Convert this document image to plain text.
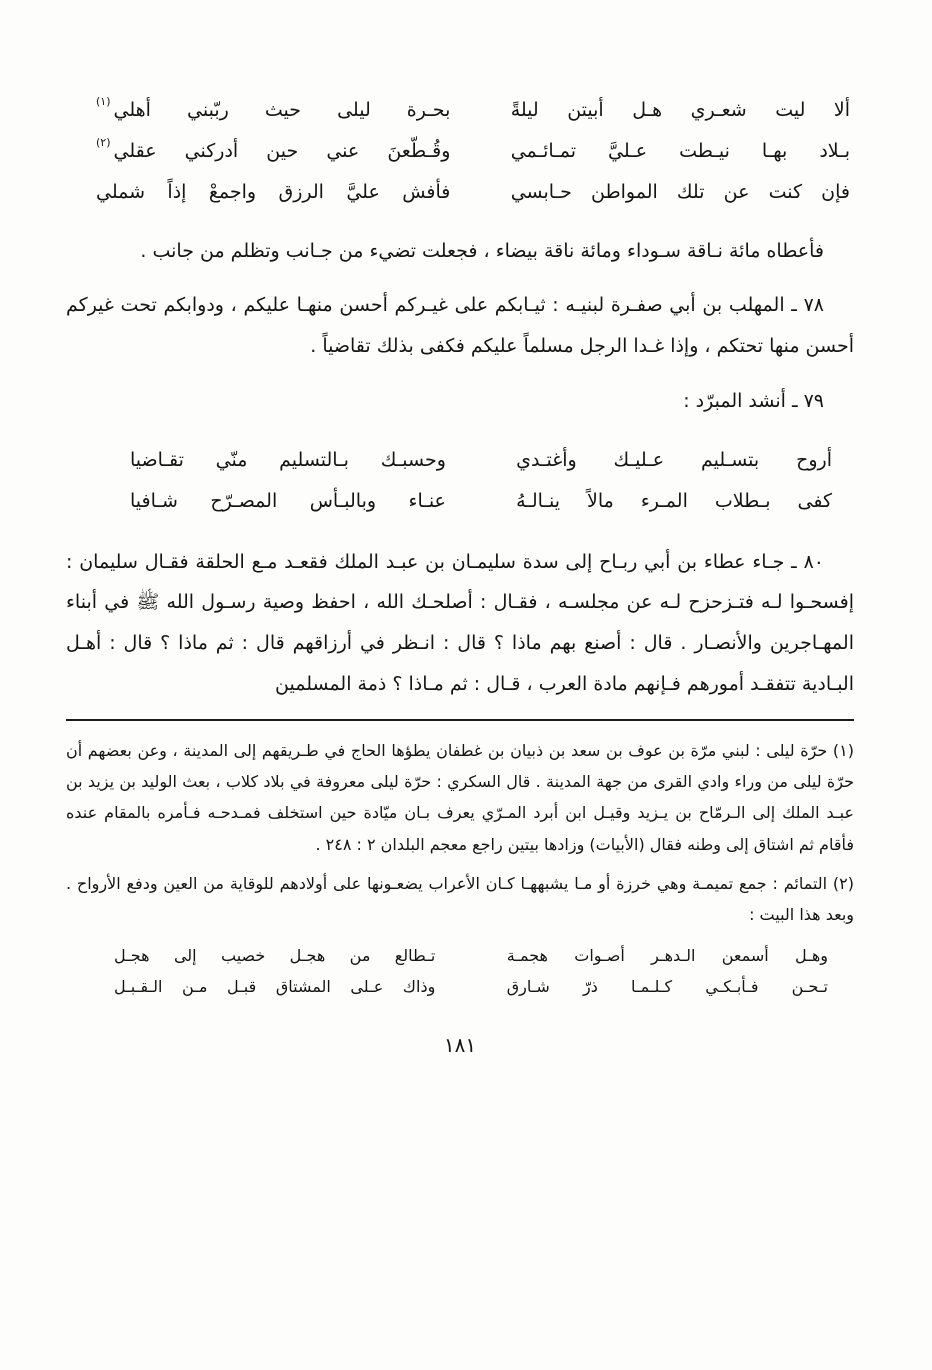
ألا ليت شعـري هـل أبيتن ليلةً
بحـرة ليلى حيث ربّبني أهلي
$^{(١)}$
بـلاد بهـا نيـطت عـليَّ تمـائـمي
وقُـطّعنَ عني حين أدركني عقلي
$^{(٢)}$
فإن كنت عن تلك المواطن حـابسي
فأفش عليَّ الرزق واجمعْ إذاً شملي

فأعطاه مائة نـاقة سـوداء ومائة ناقة بيضاء ، فجعلت تضيء من جـانب وتظلم من جانب .

٧٨ ـ المهلب بن أبي صفـرة لبنيـه : ثيـابكم على غيـركم أحسن منهـا عليكم ، ودوابكم تحت غيركم أحسن منها تحتكم ، وإذا غـدا الرجل مسلماً عليكم فكفى بذلك تقاضياً .

٧٩ ـ أنشد المبرّد :

أروح بتسـليم عـليـك وأغتـدي
وحسبـك بـالتسليم منّي تقـاضيا
كفى بـطلاب المـرء مالاً ينـالـهُ
عنـاء وبالبـأس المصـرّح شـافيا

٨٠ ـ جـاء عطاء بن أبي ربـاح إلى سدة سليمـان بن عبـد الملك فقعـد مـع الحلقة فقـال سليمان : إفسحـوا لـه فتـزحزح لـه عن مجلسـه ، فقـال : أصلحـك الله ، احفظ وصية رسـول الله ﷺ في أبناء المهـاجرين والأنصـار . قال : أصنع بهم ماذا ؟ قال : انـظر في أرزاقهم قال : ثم ماذا ؟ قال : أهـل البـادية تتفقـد أمورهم فـإنهم مادة العرب ، قـال : ثم مـاذا ؟ ذمة المسلمين

(١) حرّة ليلى : لبني مرّة بن عوف بن سعد بن ذبيان بن غطفان يطؤها الحاج في طـريقهم إلى المدينة ، وعن بعضهم أن حرّة ليلى من وراء وادي القرى من جهة المدينة . قال السكري : حرّة ليلى معروفة في بلاد كلاب ، بعث الوليد بن يزيد بن عبـد الملك إلى الـرمّاح بن يـزيد وقيـل ابن أبرد المـرّي يعرف بـان ميّادة حين استخلف فمـدحـه فـأمره بالمقام عنده فأقام ثم اشتاق إلى وطنه فقال (الأبيات) وزادها بيتين راجع معجم البلدان ٢ : ٢٤٨ .

(٢) التمائم : جمع تميمـة وهي خرزة أو مـا يشبههـا كـان الأعراب يضعـونها على أولادهم للوقاية من العين ودفع الأرواح . وبعد هذا البيت :

وهـل أسمعن الـدهـر أصـوات هجمـة
تـطالع من هجـل خصيب إلى هجـل
تـحـن فـأبـكـي كـلـمـا ذرّ شـارق
وذاك عـلى المشتاق قبـل مـن الـقـبـل
١٨١
